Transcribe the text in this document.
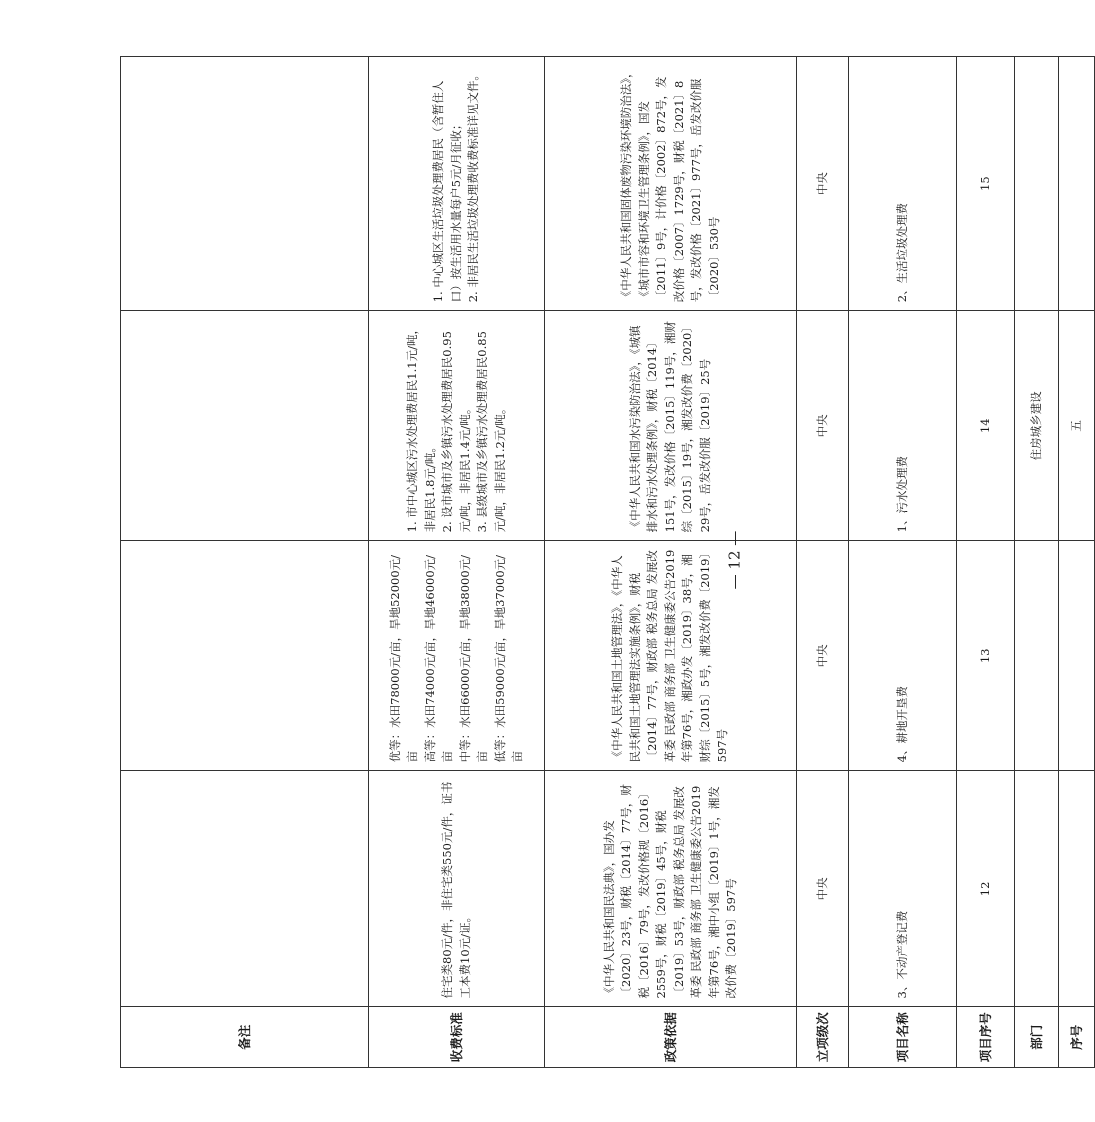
备注				
收费标准	住宅类80元/件，非住宅类550元/件，证书工本费10元/证。	优等：水田78000元/亩，旱地52000元/亩 高等：水田74000元/亩，旱地46000元/亩 中等：水田66000元/亩，旱地38000元/亩 低等：水田59000元/亩，旱地37000元/亩	1. 市中心城区污水处理费居民1.1元/吨，非居民1.8元/吨。 2. 设市城市及乡镇污水处理费居民0.95元/吨，非居民1.4元/吨。 3. 县级城市及乡镇污水处理费居民0.85元/吨，非居民1.2元/吨。	1. 中心城区生活垃圾处理费居民（含暂住人口）按生活用水量每户5元/月征收； 2. 非居民生活垃圾处理费收费标准详见文件。

政策依据	《中华人民共和国民法典》，国办发〔2020〕23号，财税〔2014〕77号，财税〔2016〕79号，发改价格规〔2016〕2559号，财税〔2019〕45号，财税〔2019〕53号，财政部 税务总局 发展改革委 民政部 商务部 卫生健康委公告2019年第76号，湘中小组〔2019〕1号，湘发改价费〔2019〕597号	《中华人民共和国土地管理法》，《中华人民共和国土地管理法实施条例》，财税〔2014〕77号，财政部 税务总局 发展改革委 民政部 商务部 卫生健康委公告2019年第76号，湘政办发〔2019〕38号，湘财综〔2015〕5号，湘发改价费〔2019〕597号	《中华人民共和国水污染防治法》，《城镇排水和污水处理条例》，财税〔2014〕151号，发改价格〔2015〕119号，湘财综〔2015〕19号，湘发改价费〔2020〕29号，岳发改价服〔2019〕25号	《中华人民共和国固体废物污染环境防治法》，《城市市容和环境卫生管理条例》，国发〔2011〕9号，计价格〔2002〕872号，发改价格〔2007〕1729号，财税〔2021〕8号，发改价格〔2021〕977号，岳发改价服〔2020〕530号
立项级次	中央	中央	中央	中央
项目名称	3、不动产登记费	4、耕地开垦费	1、污水处理费	2、生活垃圾处理费
项目序号	12	13	14	15
部门			住房城乡建设	
序号			五	
— 12 —
